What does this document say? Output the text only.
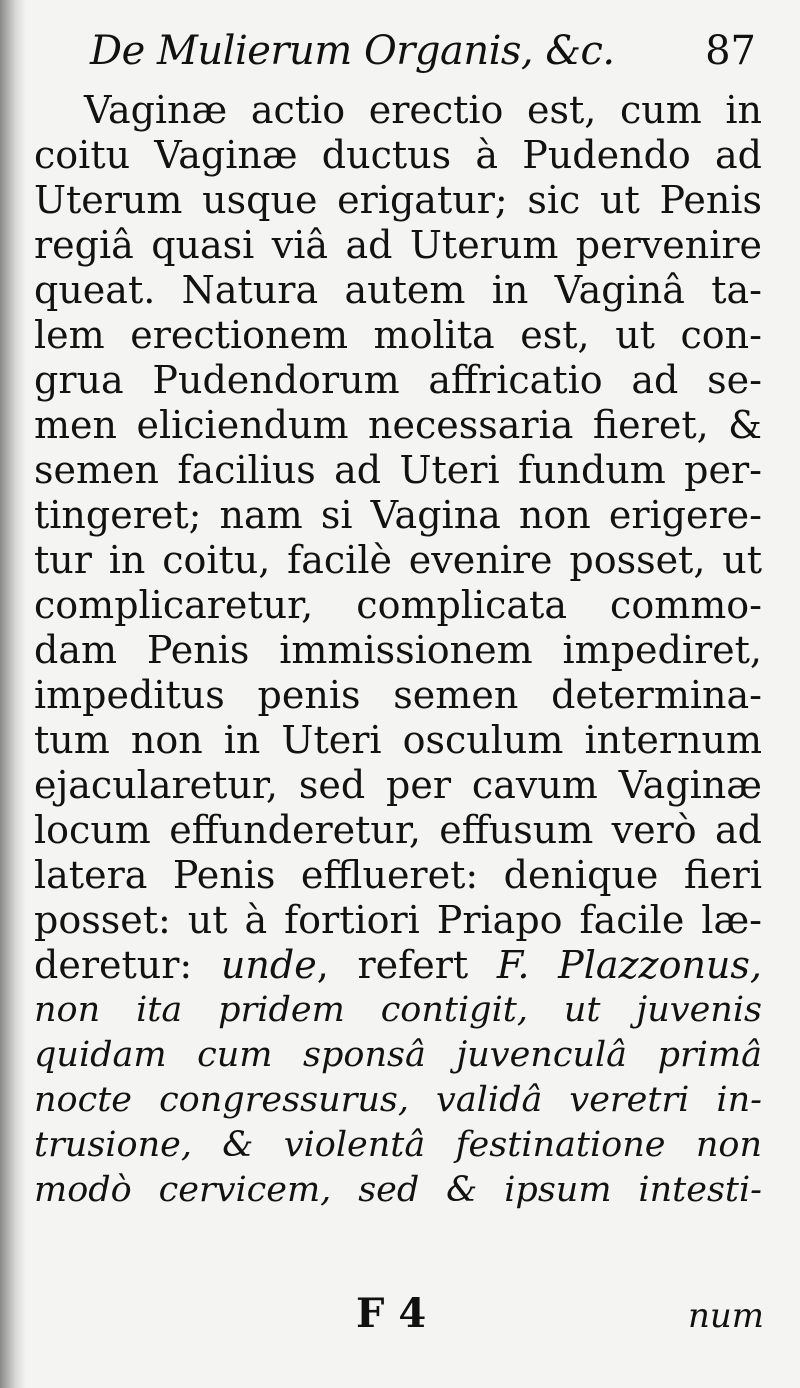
De Mulierum Organis, &c. 87
Vaginæ actio erectio est, cum in
coitu Vaginæ ductus à Pudendo ad
Uterum usque erigatur; sic ut Penis
regiâ quasi viâ ad Uterum pervenire
queat. Natura autem in Vaginâ ta-
lem erectionem molita est, ut con-
grua Pudendorum affricatio ad se-
men eliciendum necessaria fieret, &
semen facilius ad Uteri fundum per-
tingeret; nam si Vagina non erigere-
tur in coitu, facilè evenire posset, ut
complicaretur, complicata commo-
dam Penis immissionem impediret,
impeditus penis semen determina-
tum non in Uteri osculum internum
ejacularetur, sed per cavum Vaginæ
locum effunderetur, effusum verò ad
latera Penis efflueret: denique fieri
posset: ut à fortiori Priapo facile læ-
deretur: unde, refert F. Plazzonus,
non ita pridem contigit, ut juvenis
quidam cum sponsâ juvenculâ primâ
nocte congressurus, validâ veretri in-
trusione, & violentâ festinatione non
modò cervicem, sed & ipsum intesti-
F 4	num
